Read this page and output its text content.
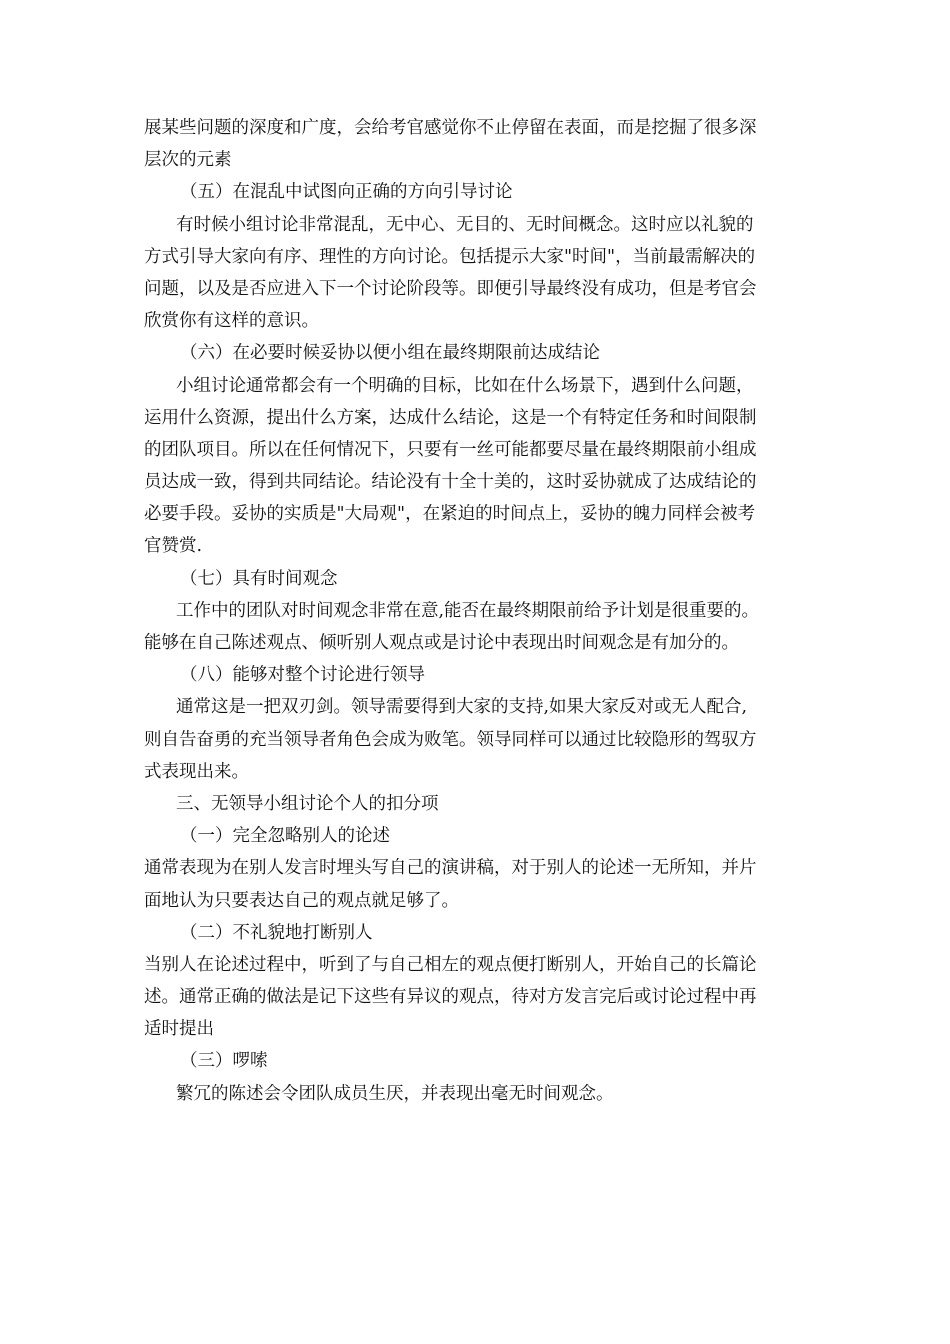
展某些问题的深度和广度，会给考官感觉你不止停留在表面，而是挖掘了很多深
层次的元素
（五）在混乱中试图向正确的方向引导讨论
有时候小组讨论非常混乱，无中心、无目的、无时间概念。这时应以礼貌的
方式引导大家向有序、理性的方向讨论。包括提示大家"时间"，当前最需解决的
问题，以及是否应进入下一个讨论阶段等。即便引导最终没有成功，但是考官会
欣赏你有这样的意识。
（六）在必要时候妥协以便小组在最终期限前达成结论
小组讨论通常都会有一个明确的目标，比如在什么场景下，遇到什么问题，
运用什么资源，提出什么方案，达成什么结论，这是一个有特定任务和时间限制
的团队项目。所以在任何情况下，只要有一丝可能都要尽量在最终期限前小组成
员达成一致，得到共同结论。结论没有十全十美的，这时妥协就成了达成结论的
必要手段。妥协的实质是"大局观"，在紧迫的时间点上，妥协的魄力同样会被考
官赞赏.
（七）具有时间观念
工作中的团队对时间观念非常在意,能否在最终期限前给予计划是很重要的。
能够在自己陈述观点、倾听别人观点或是讨论中表现出时间观念是有加分的。
（八）能够对整个讨论进行领导
通常这是一把双刃剑。领导需要得到大家的支持,如果大家反对或无人配合,
则自告奋勇的充当领导者角色会成为败笔。领导同样可以通过比较隐形的驾驭方
式表现出来。
三、无领导小组讨论个人的扣分项
（一）完全忽略别人的论述
通常表现为在别人发言时埋头写自己的演讲稿，对于别人的论述一无所知，并片
面地认为只要表达自己的观点就足够了。
（二）不礼貌地打断别人
当别人在论述过程中，听到了与自己相左的观点便打断别人，开始自己的长篇论
述。通常正确的做法是记下这些有异议的观点，待对方发言完后或讨论过程中再
适时提出
（三）啰嗦
繁冗的陈述会令团队成员生厌，并表现出毫无时间观念。
